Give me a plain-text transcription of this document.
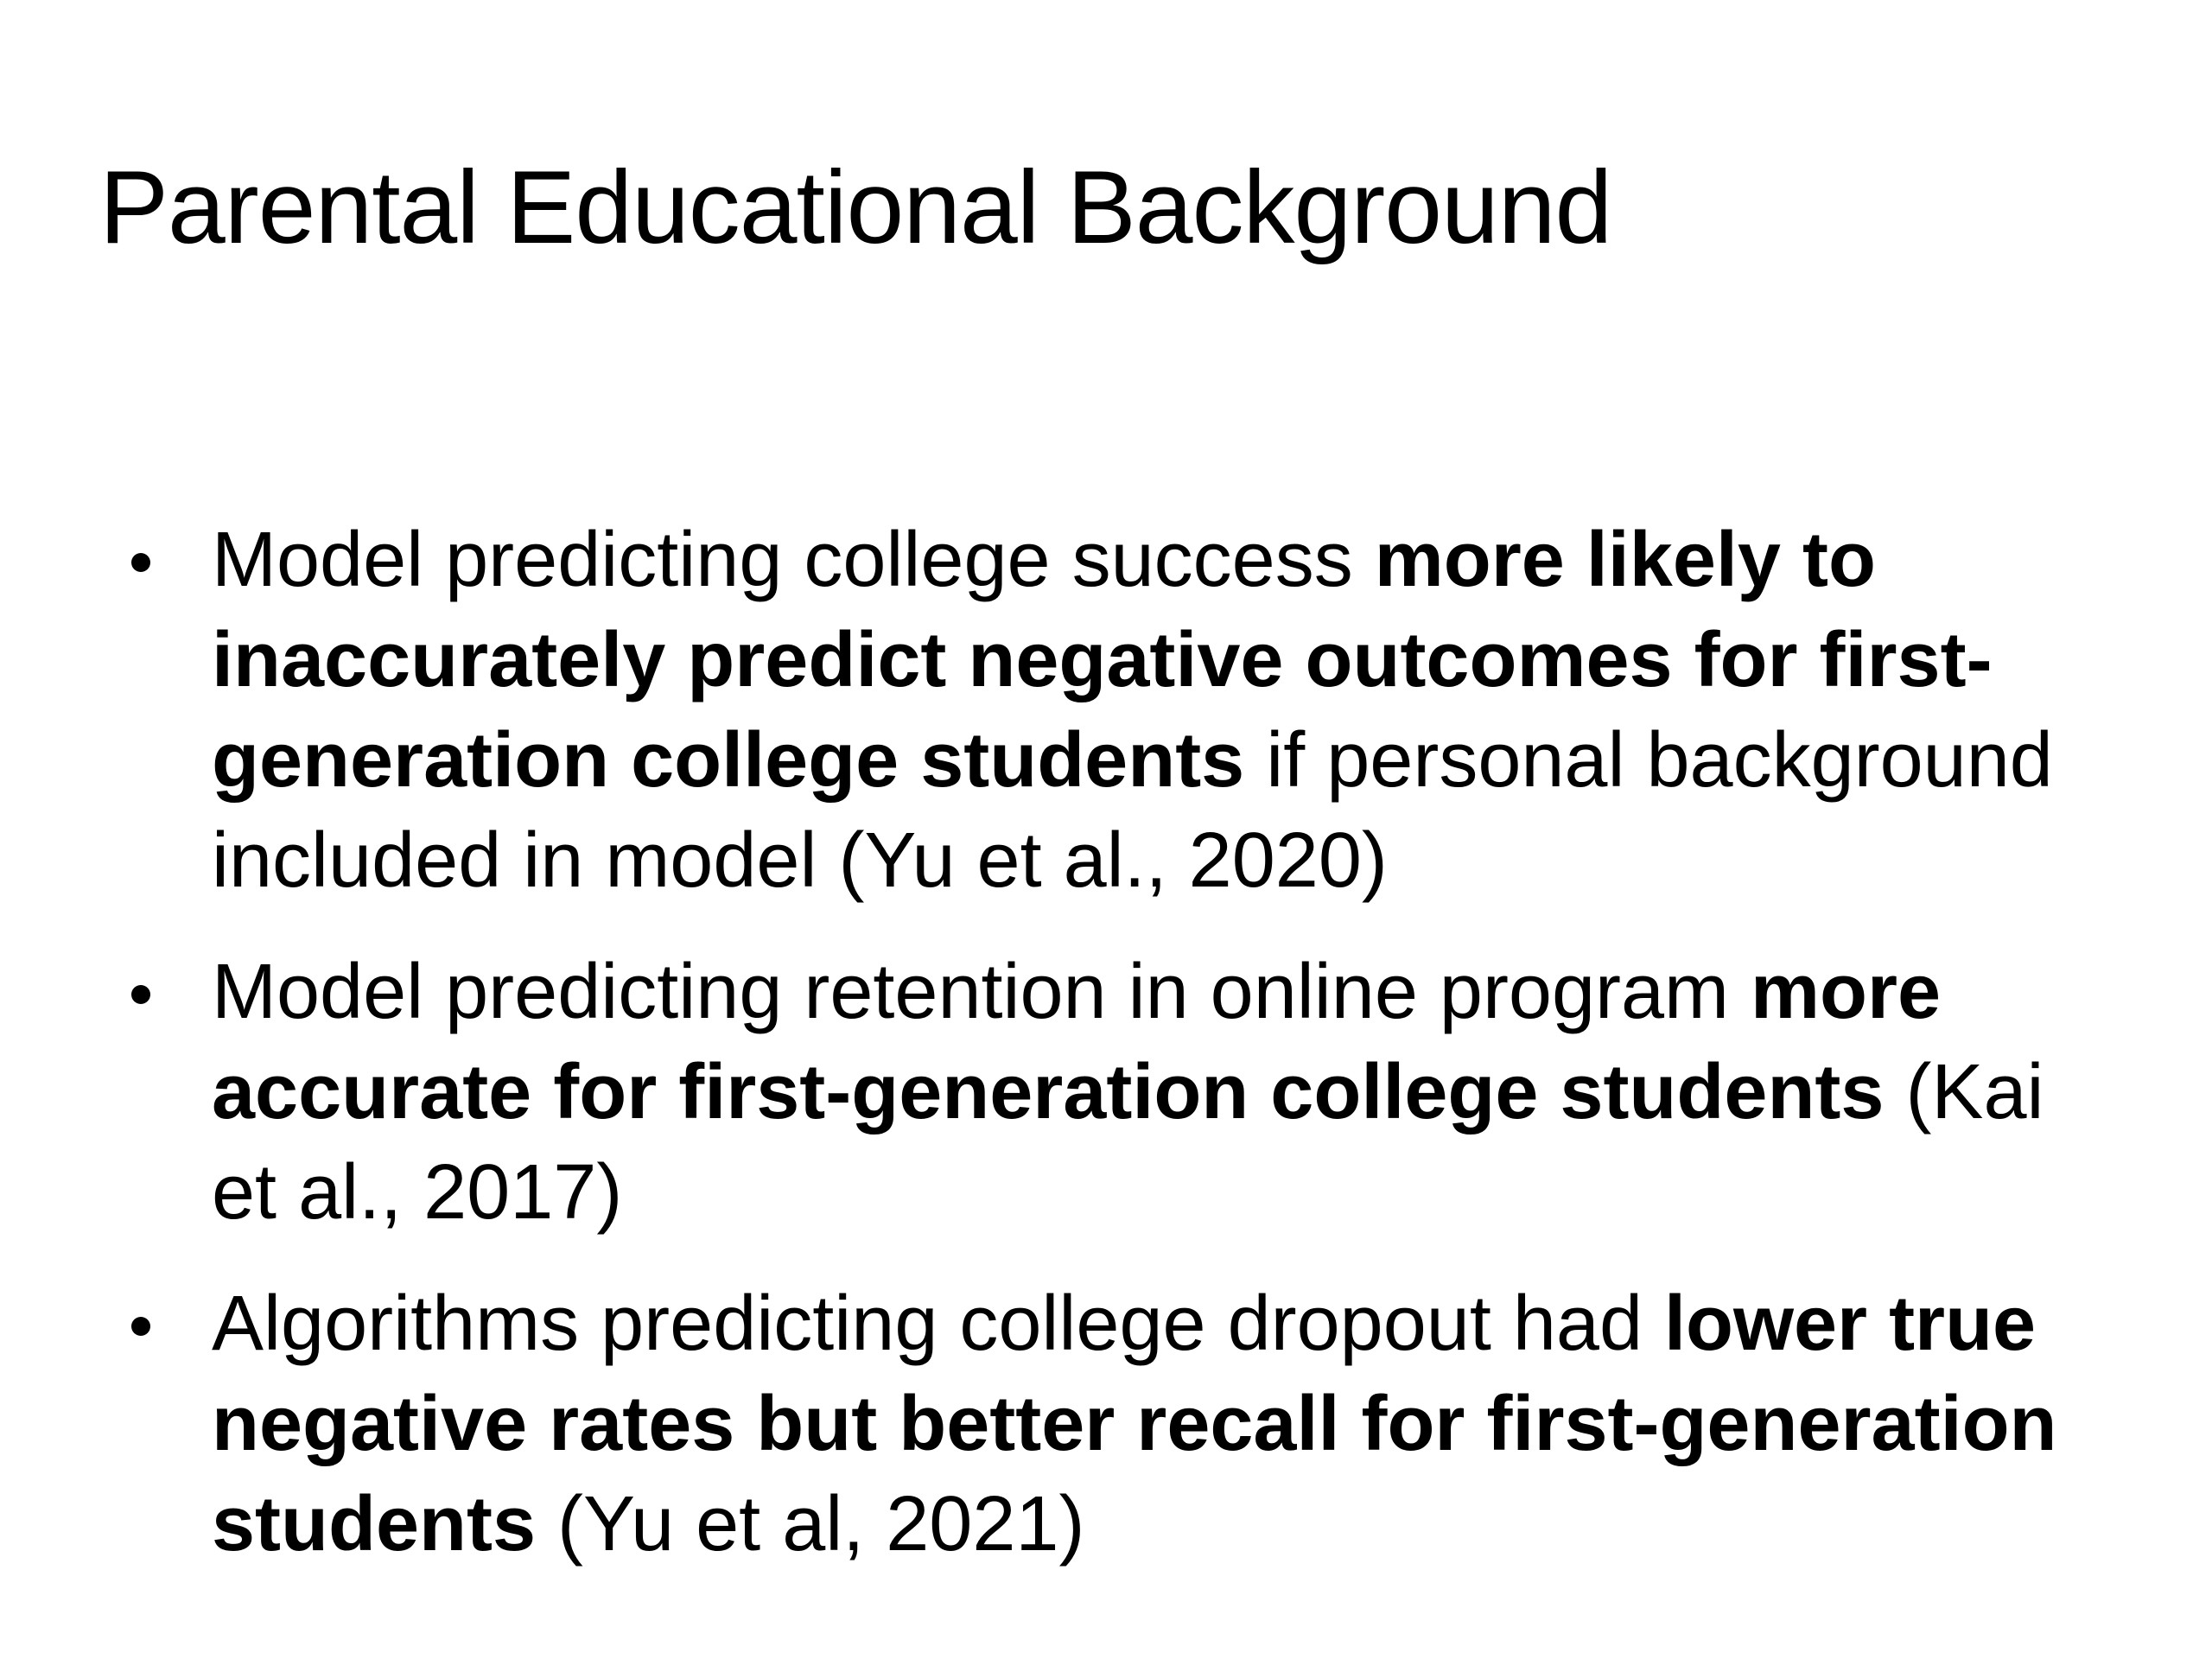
Parental Educational Background
Model predicting college success more likely to inaccurately predict negative outcomes for first-generation college students if personal background included in model (Yu et al., 2020)
Model predicting retention in online program more accurate for first-generation college students (Kai et al., 2017)
Algorithms predicting college dropout had lower true negative rates but better recall for first-generation students (Yu et al, 2021)
